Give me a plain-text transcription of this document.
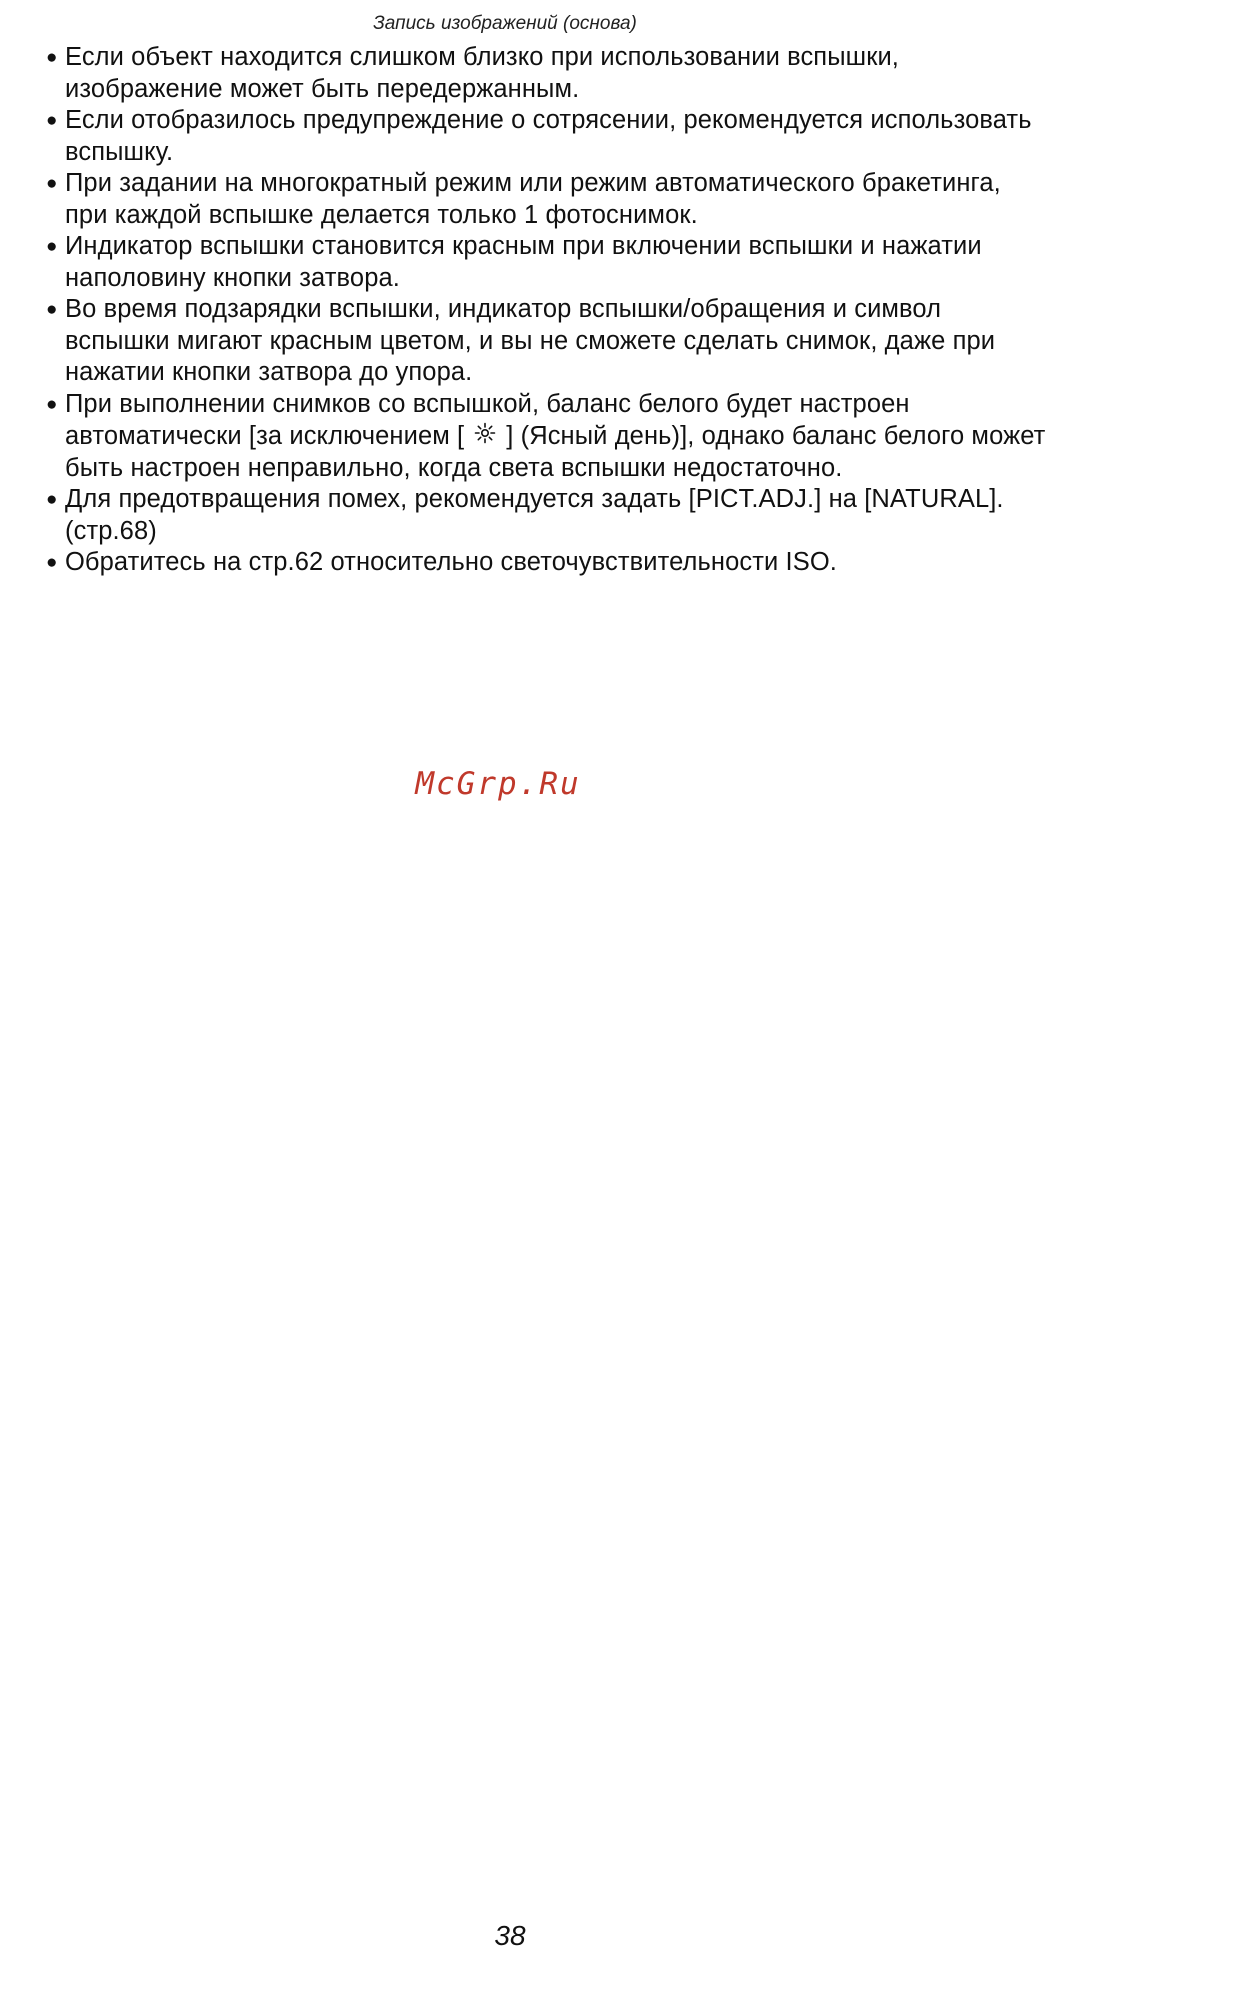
Запись изображений (основа)
● Если объект находится слишком близко при использовании вспышки, изображение может быть передержанным.
● Если отобразилось предупреждение о сотрясении, рекомендуется использовать вспышку.
● При задании на многократный режим или режим автоматического бракетинга, при каждой вспышке делается только 1 фотоснимок.
● Индикатор вспышки становится красным при включении вспышки и нажатии наполовину кнопки затвора.
● Во время подзарядки вспышки, индикатор вспышки/обращения и символ вспышки мигают красным цветом, и вы не сможете сделать снимок, даже при нажатии кнопки затвора до упора.
● При выполнении снимков со вспышкой, баланс белого будет настроен автоматически [за исключением [ ] (Ясный день)], однако баланс белого может быть настроен неправильно, когда света вспышки недостаточно.
● Для предотвращения помех, рекомендуется задать [PICT.ADJ.] на [NATURAL]. (стр.68)
● Обратитесь на стр.62 относительно светочувствительности ISO.
McGrp.Ru
38
